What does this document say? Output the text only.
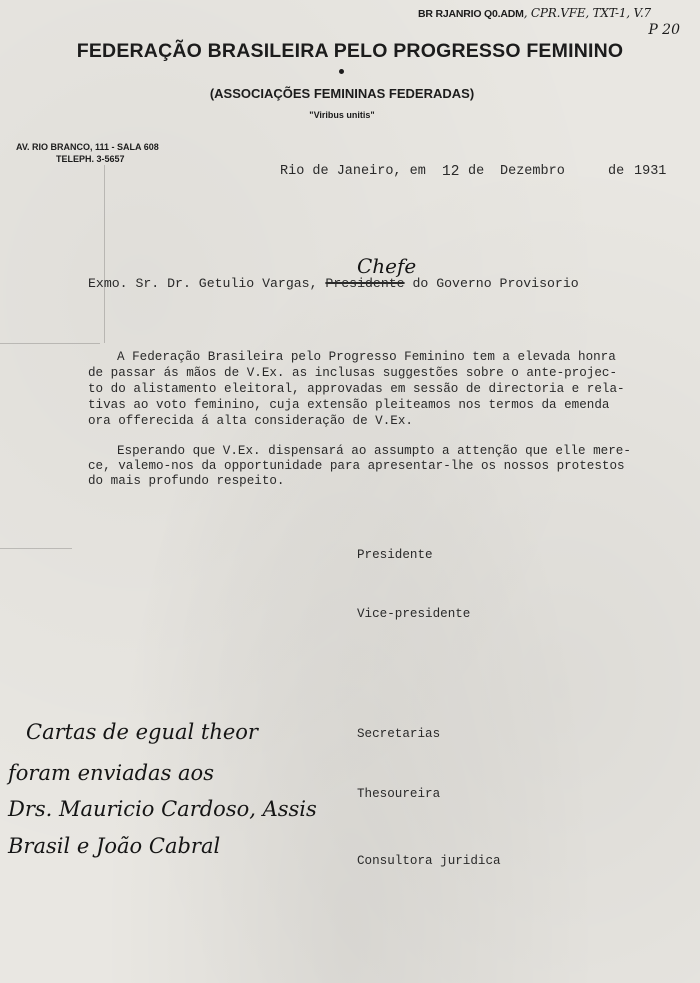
BR RJANRIO Q0.ADM, CPR.VFE, TXT-1, V.7
P 20
FEDERAÇÃO BRASILEIRA PELO PROGRESSO FEMININO
(ASSOCIAÇÕES FEMININAS FEDERADAS)
"Viribus unitis"
AV. RIO BRANCO, 111 - SALA 608
TELEPH. 3-5657
Rio de Janeiro, em 12 de Dezembro	de 1931
Chefe
Exmo. Sr. Dr. Getulio Vargas, Presidente do Governo Provisorio
A Federação Brasileira pelo Progresso Feminino tem a elevada honra
de passar ás mãos de V.Ex. as inclusas suggestões sobre o ante-projec-
to do alistamento eleitoral, approvadas em sessão de directoria e rela-
tivas ao voto feminino, cuja extensão pleiteamos nos termos da emenda
ora offerecida á alta consideração de V.Ex.
Esperando que V.Ex. dispensará ao assumpto a attenção que elle mere-
ce, valemo-nos da opportunidade para apresentar-lhe os nossos protestos
do mais profundo respeito.
Presidente
Vice-presidente
Secretarias
Thesoureira
Consultora juridica
Cartas de egual theor
foram enviadas aos
Drs. Mauricio Cardoso, Assis
Brasil e João Cabral
